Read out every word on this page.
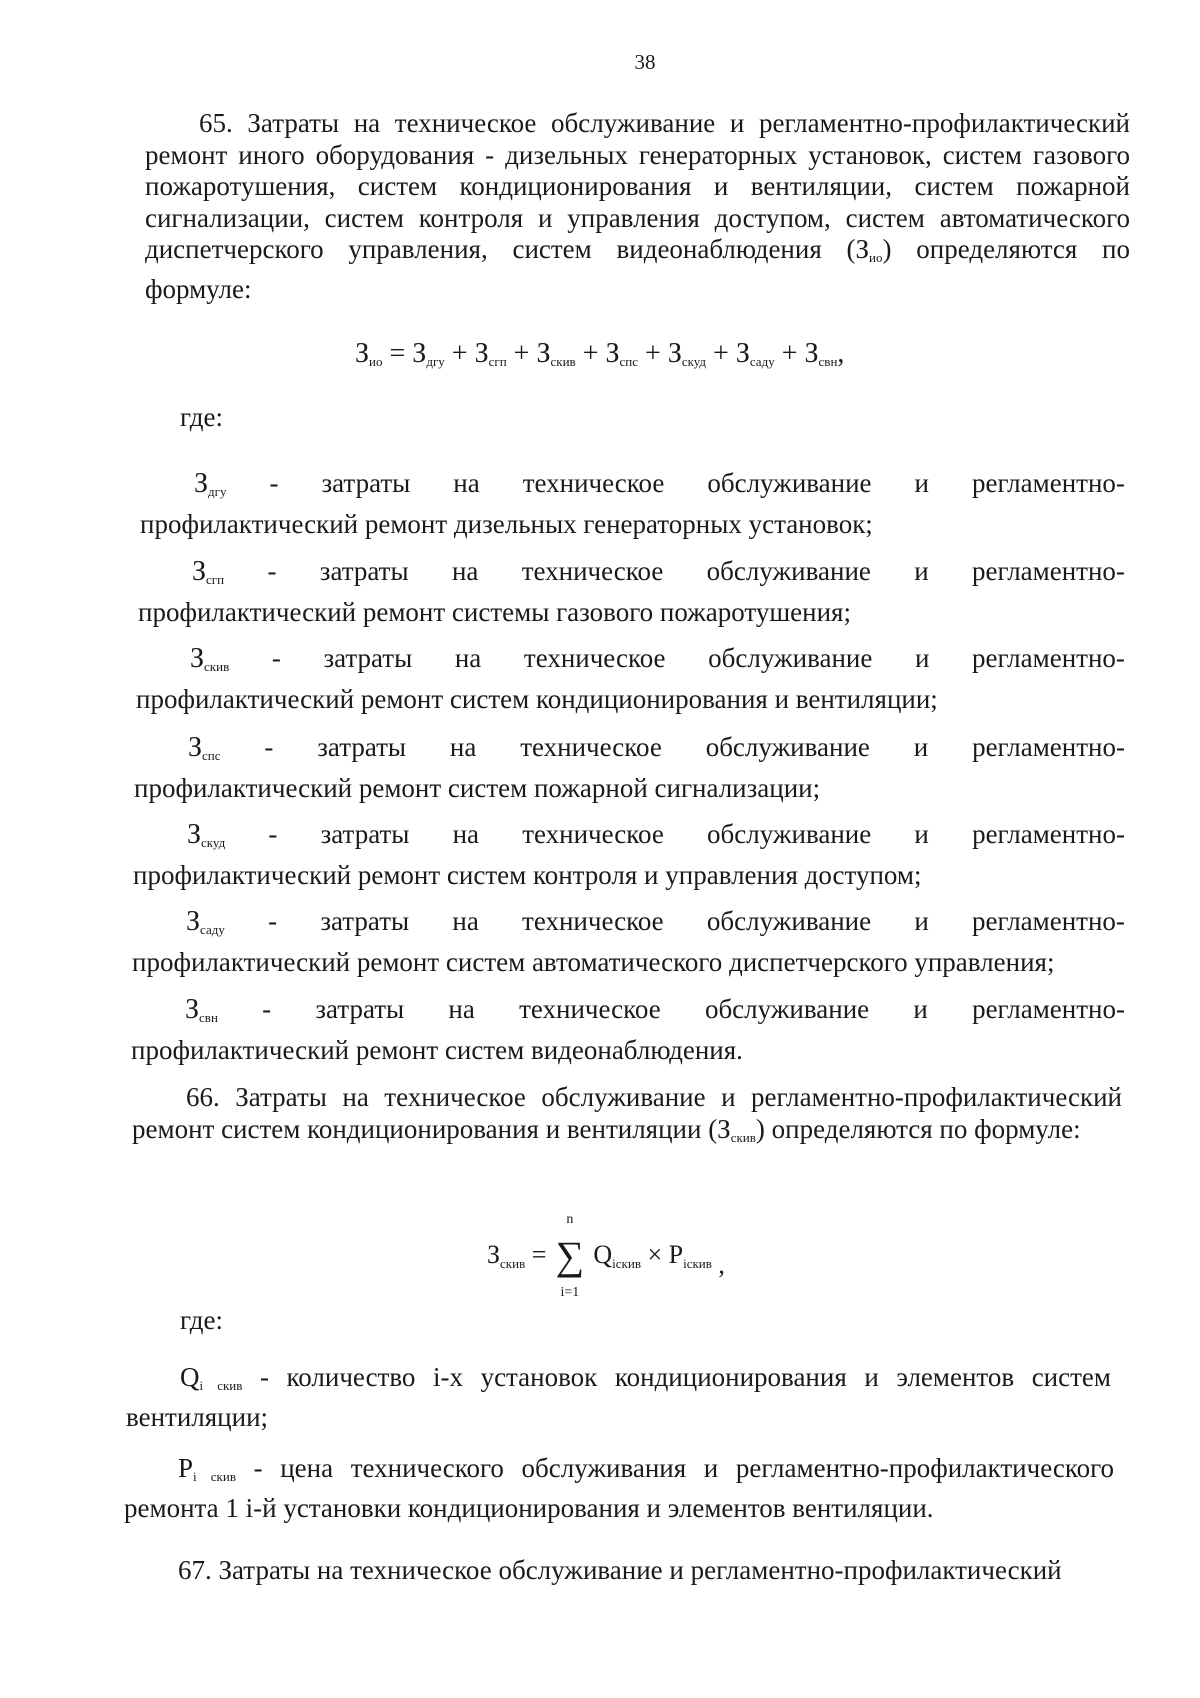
38

65. Затраты на техническое обслуживание и регламентно-профилактический ремонт иного оборудования - дизельных генераторных установок, систем газового пожаротушения, систем кондиционирования и вентиляции, систем пожарной сигнализации, систем контроля и управления доступом, систем автоматического диспетчерского управления, систем видеонаблюдения $(З_{ио})$ определяются по формуле:

$З_{ио} = З_{дгу} + З_{сгп} + З_{скив} + З_{спс} + З_{скуд} + З_{саду} + З_{свн}$,
где:
$З_{дгу}$ - затраты на техническое обслуживание и регламентно-
профилактический ремонт дизельных генераторных установок;
$З_{сгп}$ - затраты на техническое обслуживание и регламентно-
профилактический ремонт системы газового пожаротушения;
$З_{скив}$ - затраты на техническое обслуживание и регламентно-
профилактический ремонт систем кондиционирования и вентиляции;
$З_{спс}$ - затраты на техническое обслуживание и регламентно-
профилактический ремонт систем пожарной сигнализации;
$З_{скуд}$ - затраты на техническое обслуживание и регламентно-
профилактический ремонт систем контроля и управления доступом;
$З_{саду}$ - затраты на техническое обслуживание и регламентно-
профилактический ремонт систем автоматического диспетчерского управления;
$З_{свн}$ - затраты на техническое обслуживание и регламентно-
профилактический ремонт систем видеонаблюдения.

66. Затраты на техническое обслуживание и регламентно-профилактический ремонт систем кондиционирования и вентиляции $(З_{скив})$ определяются по формуле:

Зскив =
n
∑
i=1
Qiскив × Piскив ,
где:

$Q_{i скив}$ - количество i-х установок кондиционирования и элементов систем вентиляции;

$P_{i скив}$ - цена технического обслуживания и регламентно-профилактического ремонта 1 i-й установки кондиционирования и элементов вентиляции.

67. Затраты на техническое обслуживание и регламентно-профилактический
